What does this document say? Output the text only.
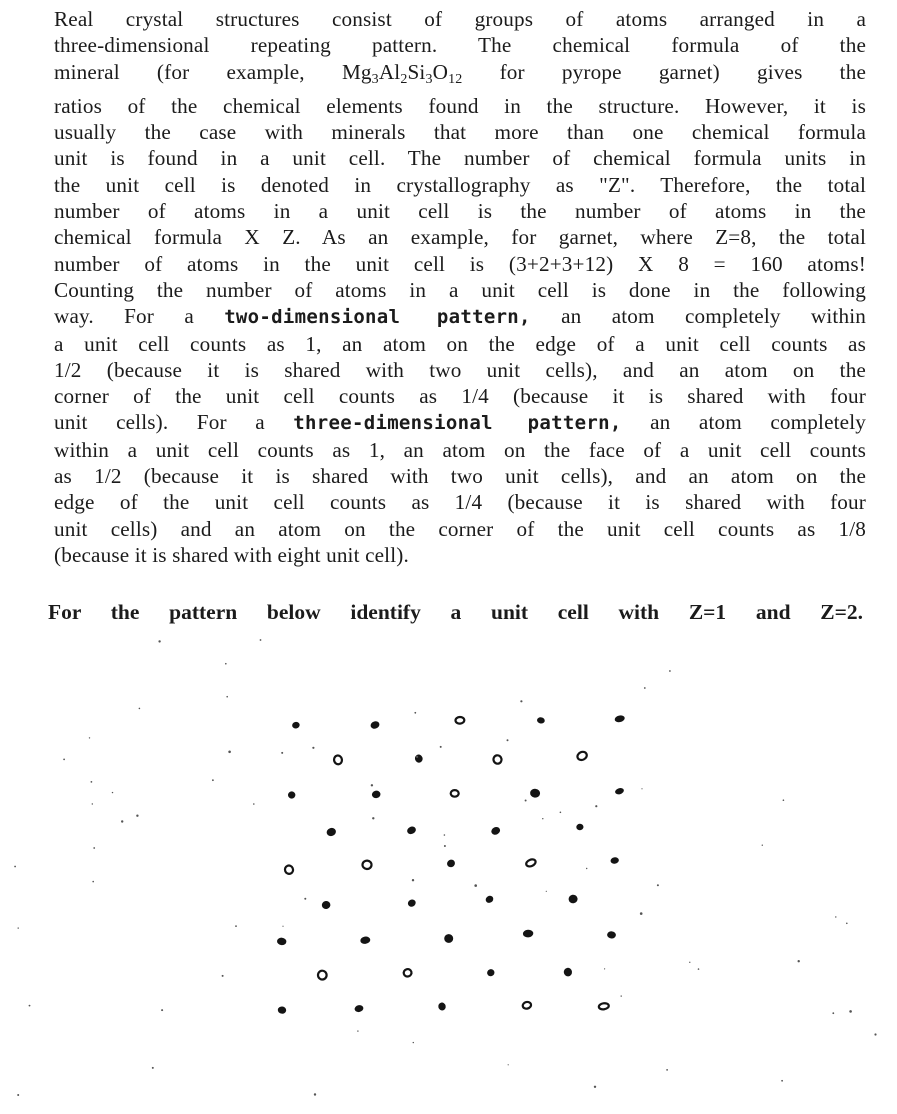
Real crystal structures consist of groups of atoms arranged in a
three-dimensional repeating pattern. The chemical formula of the
mineral (for example, $Mg_3Al_2Si_3O_{12}$ for pyrope garnet) gives the
ratios of the chemical elements found in the structure. However, it is
usually the case with minerals that more than one chemical formula
unit is found in a unit cell. The number of chemical formula units in
the unit cell is denoted in crystallography as "Z". Therefore, the total
number of atoms in a unit cell is the number of atoms in the
chemical formula X Z. As an example, for garnet, where Z=8, the total
number of atoms in the unit cell is (3+2+3+12) X 8 = 160 atoms!
Counting the number of atoms in a unit cell is done in the following
way. For a two-dimensional pattern, an atom completely within
a unit cell counts as 1, an atom on the edge of a unit cell counts as
1/2 (because it is shared with two unit cells), and an atom on the
corner of the unit cell counts as 1/4 (because it is shared with four
unit cells). For a three-dimensional pattern, an atom completely
within a unit cell counts as 1, an atom on the face of a unit cell counts
as 1/2 (because it is shared with two unit cells), and an atom on the
edge of the unit cell counts as 1/4 (because it is shared with four
unit cells) and an atom on the corner of the unit cell counts as 1/8
(because it is shared with eight unit cell).
For the pattern below identify a unit cell with Z=1 and Z=2.
